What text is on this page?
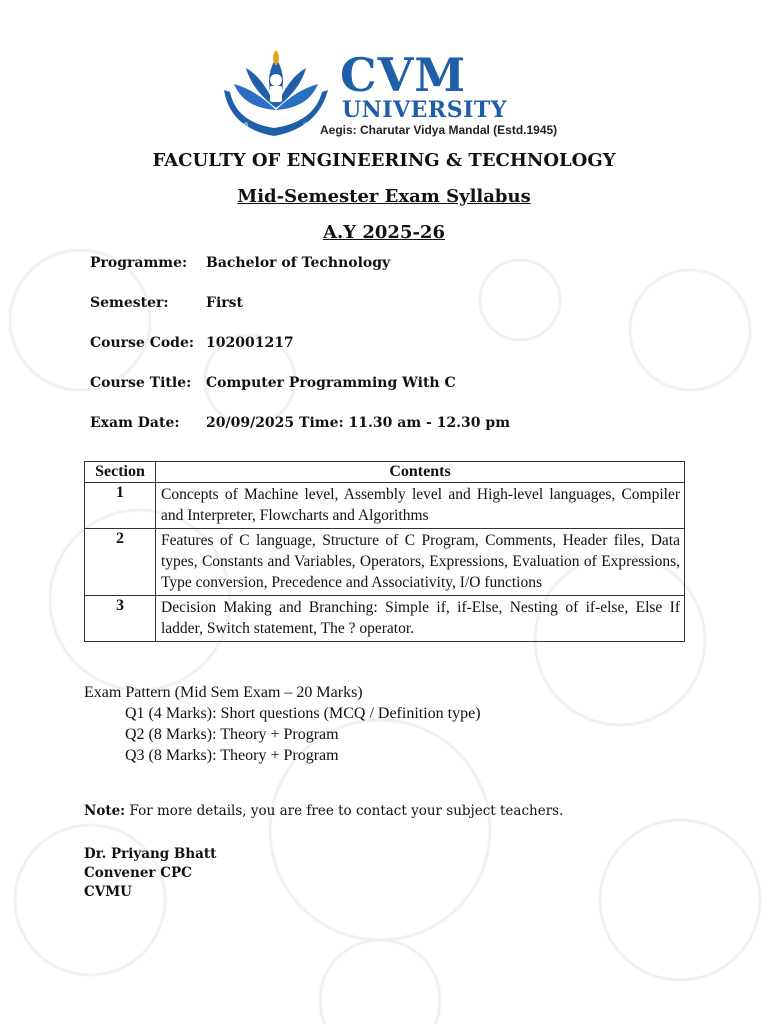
ॐ	ॐ
CVM
UNIVERSITY
Aegis: Charutar Vidya Mandal (Estd.1945)
FACULTY OF ENGINEERING & TECHNOLOGY
Mid-Semester Exam Syllabus
A.Y 2025-26
Programme: Bachelor of Technology
Semester:	First
Course Code: 102001217
Course Title: Computer Programming With C
Exam Date: 20/09/2025 Time: 11.30 am - 12.30 pm
Section	Contents
1	Concepts of Machine level, Assembly level and High-level languages, Compiler and Interpreter, Flowcharts and Algorithms
2	Features of C language, Structure of C Program, Comments, Header files, Data types, Constants and Variables, Operators, Expressions, Evaluation of Expressions, Type conversion, Precedence and Associativity, I/O functions
3	Decision Making and Branching: Simple if, if-Else, Nesting of if-else, Else If ladder, Switch statement, The ? operator.
Exam Pattern (Mid Sem Exam – 20 Marks)
Q1 (4 Marks): Short questions (MCQ / Definition type)
Q2 (8 Marks): Theory + Program
Q3 (8 Marks): Theory + Program
Note: For more details, you are free to contact your subject teachers.
Dr. Priyang Bhatt
Convener CPC
CVMU
